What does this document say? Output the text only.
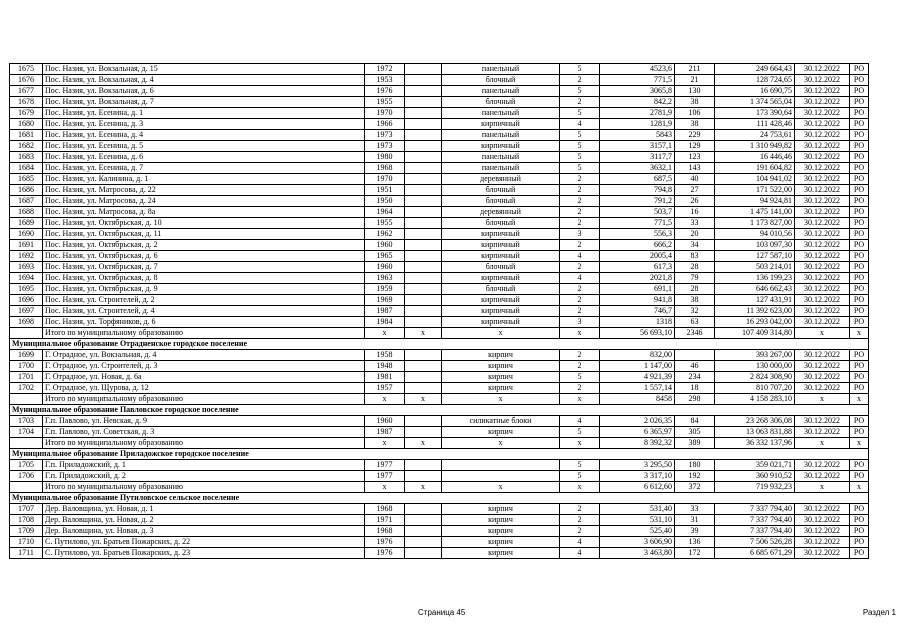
1675	Пос. Назия, ул. Вокзальная, д. 15	1972		панельный	5	4523,6	211	249 664,43	30.12.2022	РО
1676	Пос. Назия, ул. Вокзальная, д. 4	1953		блочный	2	771,5	21	128 724,65	30.12.2022	РО
1677	Пос. Назия, ул. Вокзальная, д. 6	1976		панельный	5	3065,8	130	16 690,75	30.12.2022	РО
1678	Пос. Назия, ул. Вокзальная, д. 7	1955		блочный	2	842,2	38	1 374 565,04	30.12.2022	РО
1679	Пос. Назия, ул. Есенина, д. 1	1970		панельный	5	2781,9	106	173 390,64	30.12.2022	РО
1680	Пос. Назия, ул. Есенина, д. 3	1966		кирпичный	4	1281,9	38	111 428,46	30.12.2022	РО
1681	Пос. Назия, ул. Есенина, д. 4	1973		панельный	5	5843	229	24 753,61	30.12.2022	РО
1682	Пос. Назия, ул. Есенина, д. 5	1973		кирпичный	5	3157,1	129	1 310 949,82	30.12.2022	РО
1683	Пос. Назия, ул. Есенина, д. 6	1980		панельный	5	3117,7	123	16 446,46	30.12.2022	РО
1684	Пос. Назия, ул. Есенина, д. 7	1968		панельный	5	3632,1	143	191 604,82	30.12.2022	РО
1685	Пос. Назия, ул. Калинина, д. 1	1970		деревянный	2	687,5	40	104 941,02	30.12.2022	РО
1686	Пос. Назия, ул. Матросова, д. 22	1951		блочный	2	794,8	27	171 522,00	30.12.2022	РО
1687	Пос. Назия, ул. Матросова, д. 24	1950		блочный	2	791,2	26	94 924,81	30.12.2022	РО
1688	Пос. Назия, ул. Матросова, д. 8а	1964		деревянный	2	503,7	16	1 475 141,00	30.12.2022	РО
1689	Пос. Назия, ул. Октябрьская, д. 10	1955		блочный	2	771,5	33	1 173 827,00	30.12.2022	РО
1690	Пос. Назия, ул. Октябрьская, д. 11	1962		кирпичный	3	556,3	20	94 010,56	30.12.2022	РО
1691	Пос. Назия, ул. Октябрьская, д. 2	1960		кирпичный	2	666,2	34	103 097,30	30.12.2022	РО
1692	Пос. Назия, ул. Октябрьская, д. 6	1965		кирпичный	4	2005,4	83	127 587,10	30.12.2022	РО
1693	Пос. Назия, ул. Октябрьская, д. 7	1960		блочный	2	617,3	28	503 214,01	30.12.2022	РО
1694	Пос. Назия, ул. Октябрьская, д. 8	1963		кирпичный	4	2021,8	79	136 199,23	30.12.2022	РО
1695	Пос. Назия, ул. Октябрьская, д. 9	1959		блочный	2	691,1	28	646 662,43	30.12.2022	РО
1696	Пос. Назия, ул. Строителей, д. 2	1969		кирпичный	2	941,8	38	127 431,91	30.12.2022	РО
1697	Пос. Назия, ул. Строителей, д. 4	1987		кирпичный	2	746,7	32	11 392 623,00	30.12.2022	РО
1698	Пос. Назия, ул. Торфяников, д. 6	1984		кирпичный	3	1318	63	16 293 042,00	30.12.2022	РО
	Итого по муниципальному образованию	x	x	x	x	56 693,10	2346	107 409 314,80	x	x
Муниципальное образование Отрадненское городское поселение										
1699	Г. Отрадное, ул. Вокзальная, д. 4	1958		кирпич	2	832,00		393 267,00	30.12.2022	РО
1700	Г. Отрадное, ул. Строителей, д. 3	1948		кирпич	2	1 147,00	46	130 000,00	30.12.2022	РО
1701	Г. Отрадное, ул. Новая, д. 6а	1981		кирпич	5	4 921,39	234	2 824 308,90	30.12.2022	РО
1702	Г. Отрадное, ул. Щурова, д. 12	1957		кирпич	2	1 557,14	18	810 707,20	30.12.2022	РО
	Итого по муниципальному образованию	x	x	x	x	8458	298	4 158 283,10	x	x
Муниципальное образование Павловское городское поселение										
1703	Г.п. Павлово, ул. Невская, д. 9	1960		силикатные блоки	4	2 026,35	84	23 268 306,08	30.12.2022	РО
1704	Г.п. Павлово, ул. Советская, д. 3	1987		кирпич	5	6 365,97	305	13 063 831,88	30.12.2022	РО
	Итого по муниципальному образованию	x	x	x	x	8 392,32	389	36 332 137,96	x	x
Муниципальное образование Приладожское городское поселение										
1705	Г.п. Приладожский, д. 1	1977			5	3 295,50	180	359 021,71	30.12.2022	РО
1706	Г.п. Приладожский, д. 2	1977			5	3 317,10	192	360 910,52	30.12.2022	РО
	Итого по муниципальному образованию	x	x	x	x	6 612,60	372	719 932,23	x	x
Муниципальное образование Путиловское сельское поселение										
1707	Дер. Валовщина, ул. Новая, д. 1	1968		кирпич	2	531,40	33	7 337 794,40	30.12.2022	РО
1708	Дер. Валовщина, ул. Новая, д. 2	1971		кирпич	2	531,10	31	7 337 794,40	30.12.2022	РО
1709	Дер. Валовщина, ул. Новая, д. 3	1968		кирпич	2	525,40	39	7 337 794,40	30.12.2022	РО
1710	С. Путилово, ул. Братьев Пожарских, д. 22	1976		кирпич	4	3 606,90	136	7 506 526,28	30.12.2022	РО
1711	С. Путилово, ул. Братьев Пожарских, д. 23	1976		кирпич	4	3 463,80	172	6 685 671,29	30.12.2022	РО
Страница 45	Раздел 1
